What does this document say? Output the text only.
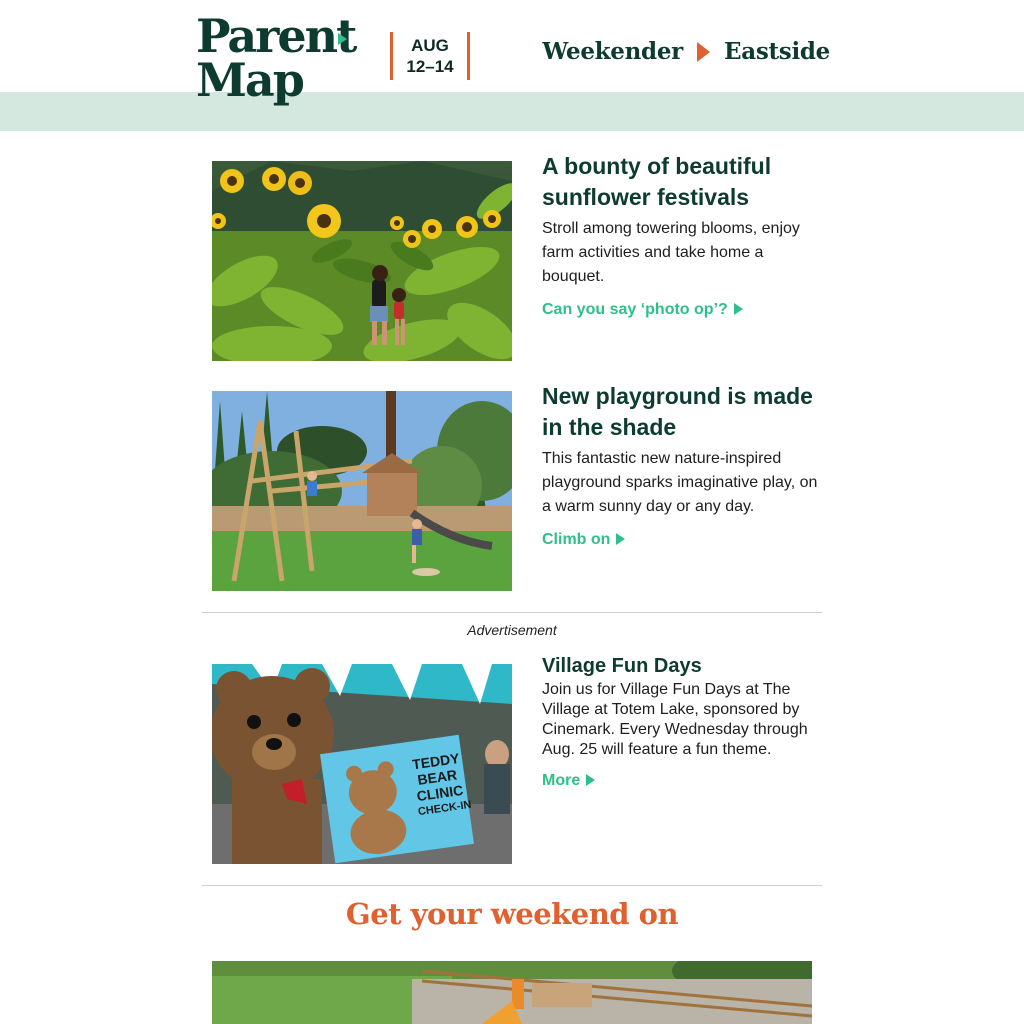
Parent
Map
AUG
12–14
Weekender Eastside
A bounty of beautiful sunflower festivals

Stroll among towering blooms, enjoy farm activities and take home a bouquet.

Can you say ‘photo op’?
New playground is made in the shade

This fantastic new nature-inspired playground sparks imaginative play, on a warm sunny day or any day.

Climb on
Advertisement
TEDDY
BEAR
CLINIC
CHECK-IN
Village Fun Days

Join us for Village Fun Days at The Village at Totem Lake, sponsored by Cinemark. Every Wednesday through Aug. 25 will feature a fun theme.

More
Get your weekend on
